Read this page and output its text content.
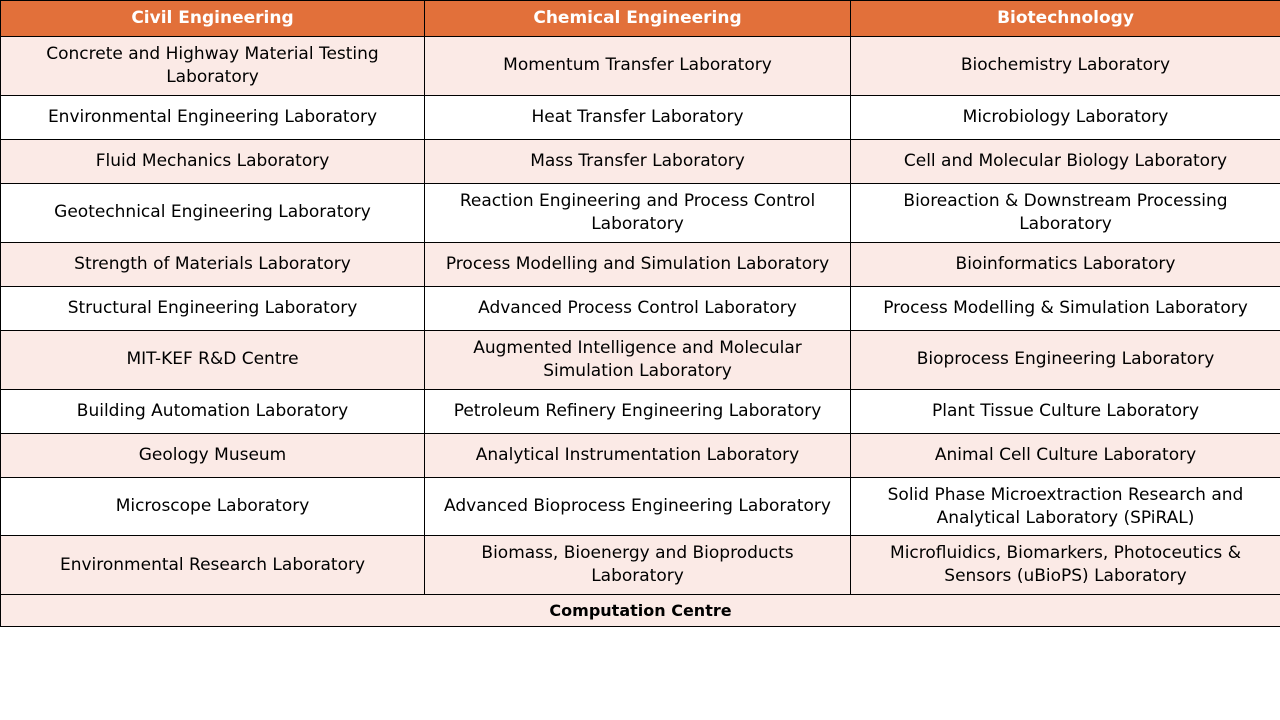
Civil Engineering	Chemical Engineering	Biotechnology
Concrete and Highway Material Testing Laboratory	Momentum Transfer Laboratory	Biochemistry Laboratory
Environmental Engineering Laboratory	Heat Transfer Laboratory	Microbiology Laboratory
Fluid Mechanics Laboratory	Mass Transfer Laboratory	Cell and Molecular Biology Laboratory
Geotechnical Engineering Laboratory	Reaction Engineering and Process Control Laboratory	Bioreaction & Downstream Processing Laboratory
Strength of Materials Laboratory	Process Modelling and Simulation Laboratory	Bioinformatics Laboratory
Structural Engineering Laboratory	Advanced Process Control Laboratory	Process Modelling & Simulation Laboratory
MIT-KEF R&D Centre	Augmented Intelligence and Molecular Simulation Laboratory	Bioprocess Engineering Laboratory
Building Automation Laboratory	Petroleum Refinery Engineering Laboratory	Plant Tissue Culture Laboratory
Geology Museum	Analytical Instrumentation Laboratory	Animal Cell Culture Laboratory
Microscope Laboratory	Advanced Bioprocess Engineering Laboratory	Solid Phase Microextraction Research and Analytical Laboratory (SPiRAL)
Environmental Research Laboratory	Biomass, Bioenergy and Bioproducts Laboratory	Microfluidics, Biomarkers, Photoceutics & Sensors (uBioPS) Laboratory
Computation Centre		
